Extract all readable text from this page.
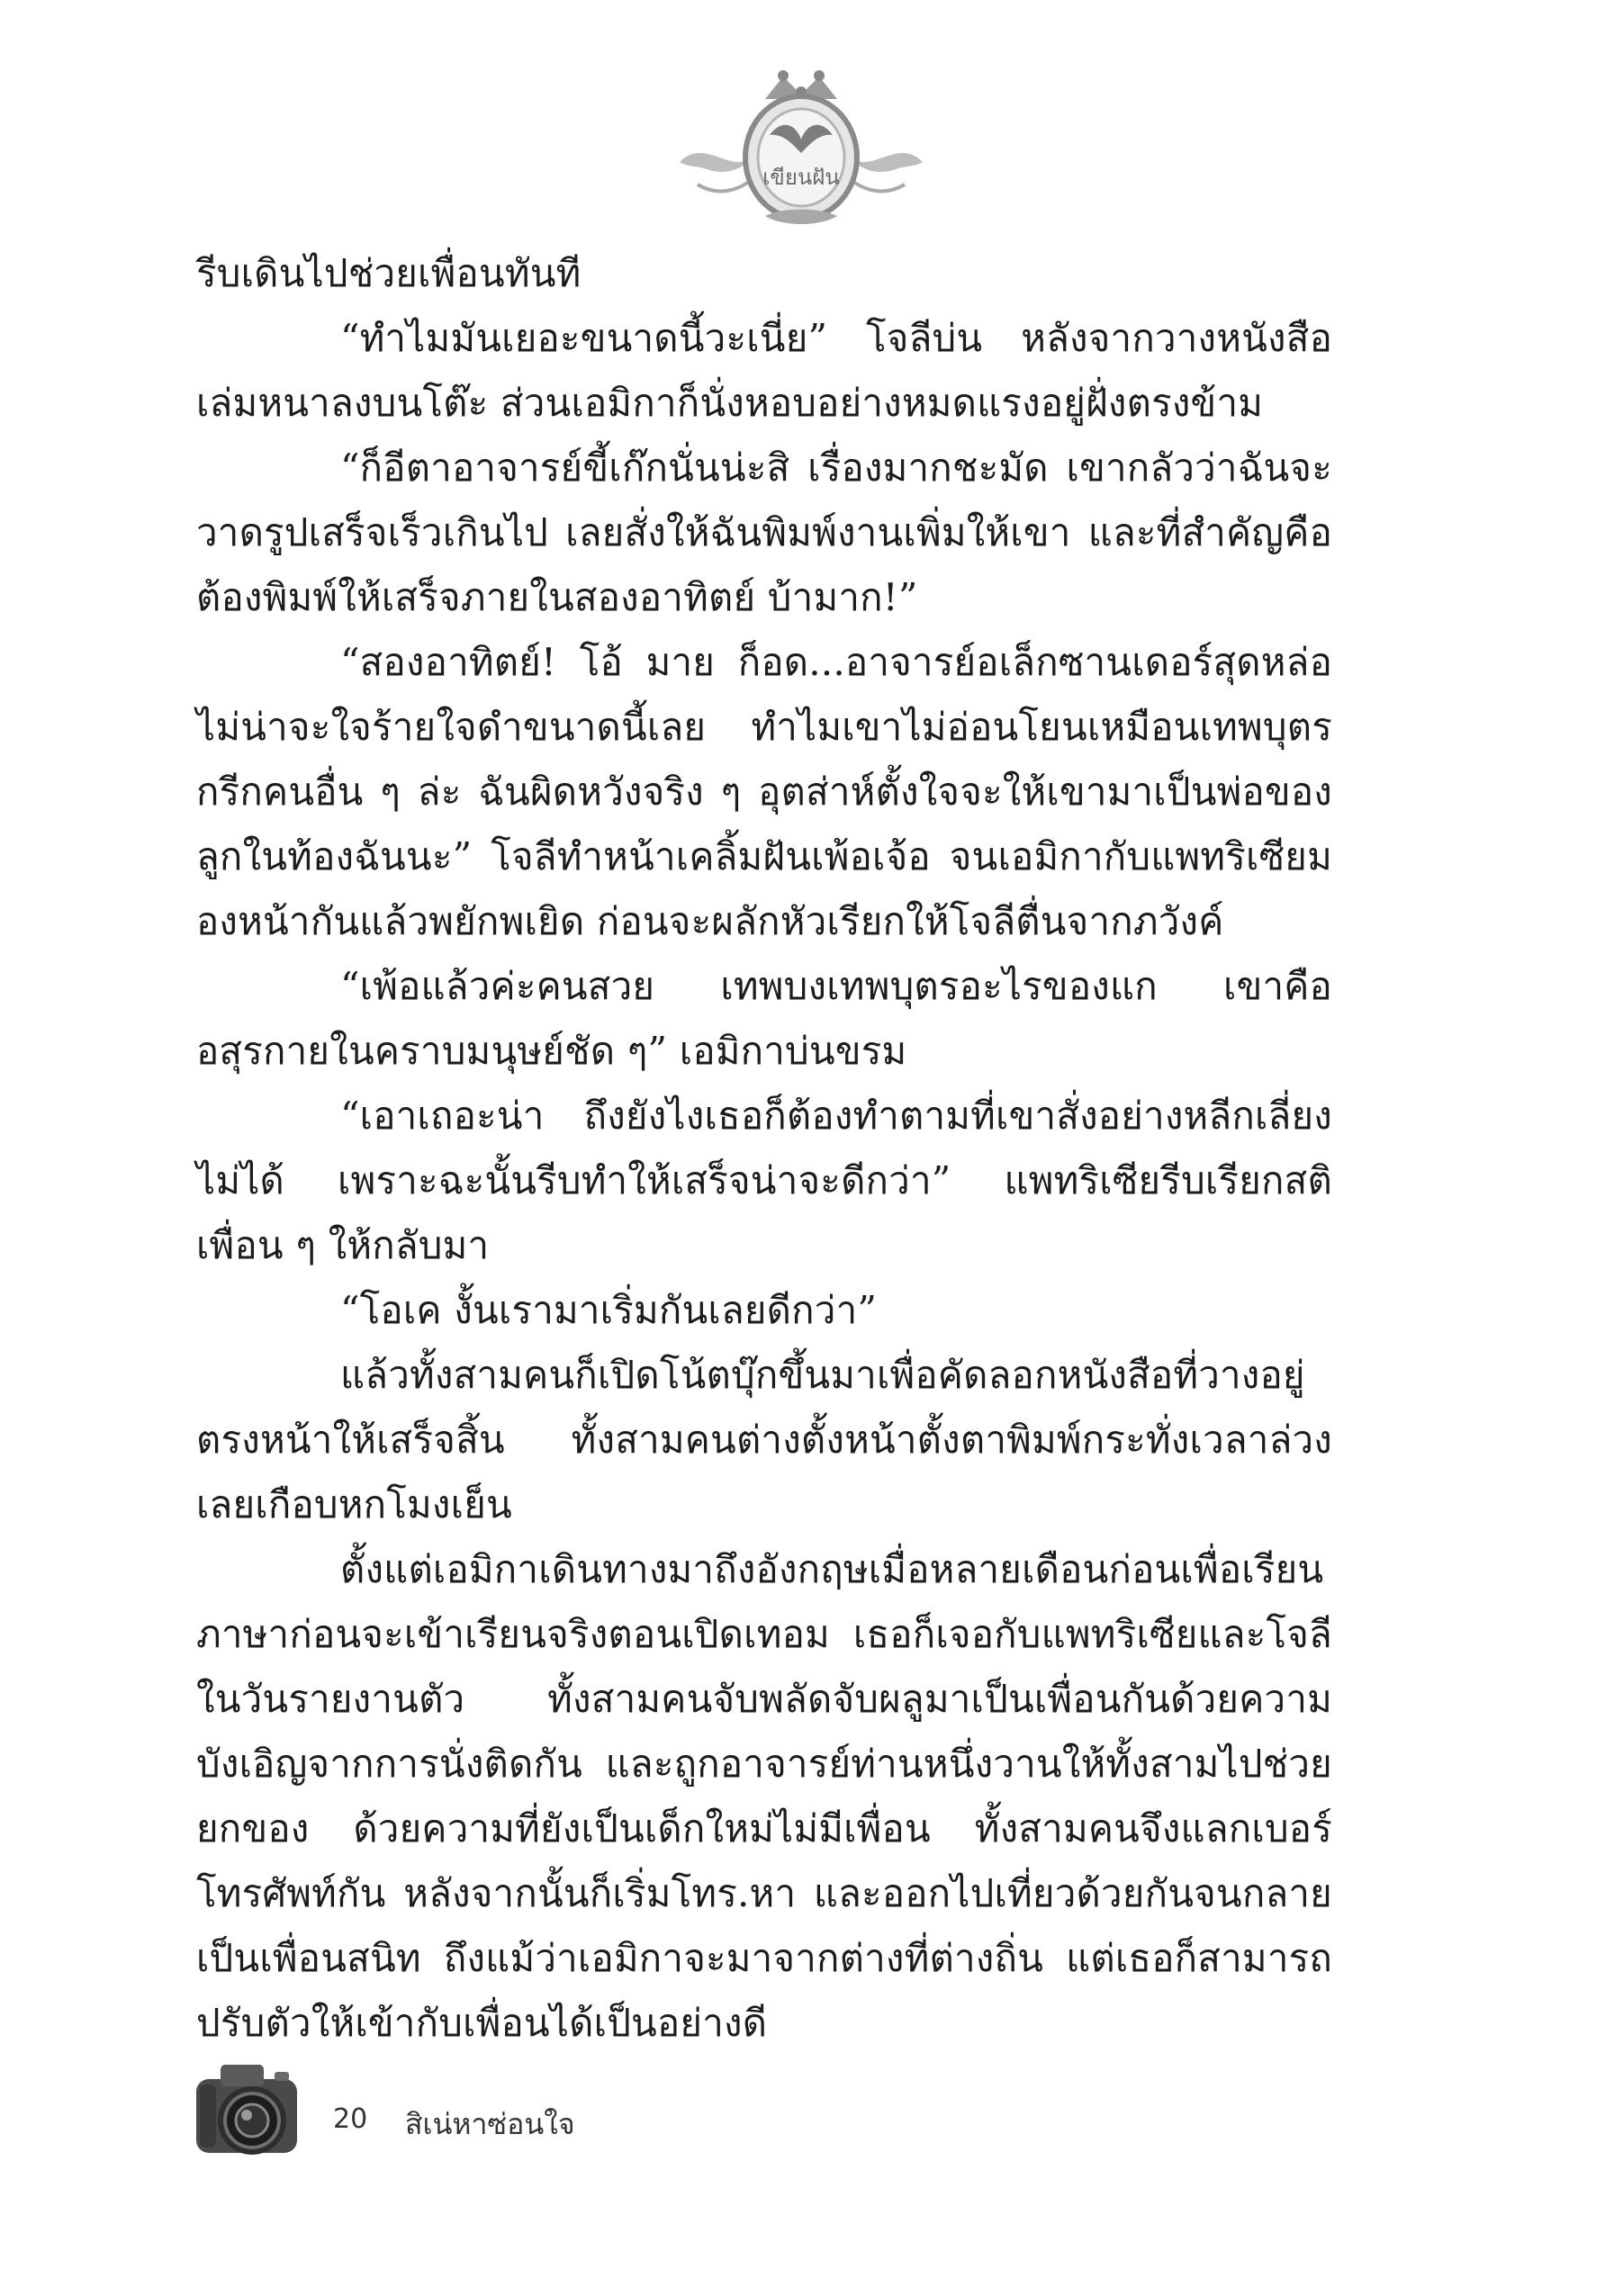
เขียนฝัน

รีบเดินไปช่วยเพื่อนทันที

“ทำไมมันเยอะขนาดนี้วะเนี่ย” โจลีบ่น หลังจากวางหนังสือเล่มหนาลงบนโต๊ะ ส่วนเอมิกาก็นั่งหอบอย่างหมดแรงอยู่ฝั่งตรงข้าม

“ก็อีตาอาจารย์ขี้เก๊กนั่นน่ะสิ เรื่องมากชะมัด เขากลัวว่าฉันจะวาดรูปเสร็จเร็วเกินไป เลยสั่งให้ฉันพิมพ์งานเพิ่มให้เขา และที่สำคัญคือต้องพิมพ์ให้เสร็จภายในสองอาทิตย์ บ้ามาก!”

“สองอาทิตย์! โอ้ มาย ก็อด...อาจารย์อเล็กซานเดอร์สุดหล่อไม่น่าจะใจร้ายใจดำขนาดนี้เลย ทำไมเขาไม่อ่อนโยนเหมือนเทพบุตรกรีกคนอื่น ๆ ล่ะ ฉันผิดหวังจริง ๆ อุตส่าห์ตั้งใจจะให้เขามาเป็นพ่อของลูกในท้องฉันนะ” โจลีทำหน้าเคลิ้มฝันเพ้อเจ้อ จนเอมิกากับแพทริเซียมองหน้ากันแล้วพยักพเยิด ก่อนจะผลักหัวเรียกให้โจลีตื่นจากภวังค์

“เพ้อแล้วค่ะคนสวย เทพบงเทพบุตรอะไรของแก เขาคืออสุรกายในคราบมนุษย์ชัด ๆ” เอมิกาบ่นขรม

“เอาเถอะน่า ถึงยังไงเธอก็ต้องทำตามที่เขาสั่งอย่างหลีกเลี่ยงไม่ได้ เพราะฉะนั้นรีบทำให้เสร็จน่าจะดีกว่า” แพทริเซียรีบเรียกสติเพื่อน ๆ ให้กลับมา

“โอเค งั้นเรามาเริ่มกันเลยดีกว่า”

แล้วทั้งสามคนก็เปิดโน้ตบุ๊กขึ้นมาเพื่อคัดลอกหนังสือที่วางอยู่ตรงหน้าให้เสร็จสิ้น ทั้งสามคนต่างตั้งหน้าตั้งตาพิมพ์กระทั่งเวลาล่วงเลยเกือบหกโมงเย็น

ตั้งแต่เอมิกาเดินทางมาถึงอังกฤษเมื่อหลายเดือนก่อนเพื่อเรียนภาษาก่อนจะเข้าเรียนจริงตอนเปิดเทอม เธอก็เจอกับแพทริเซียและโจลีในวันรายงานตัว ทั้งสามคนจับพลัดจับผลูมาเป็นเพื่อนกันด้วยความบังเอิญจากการนั่งติดกัน และถูกอาจารย์ท่านหนึ่งวานให้ทั้งสามไปช่วยยกของ ด้วยความที่ยังเป็นเด็กใหม่ไม่มีเพื่อน ทั้งสามคนจึงแลกเบอร์โทรศัพท์กัน หลังจากนั้นก็เริ่มโทร.หา และออกไปเที่ยวด้วยกันจนกลายเป็นเพื่อนสนิท ถึงแม้ว่าเอมิกาจะมาจากต่างที่ต่างถิ่น แต่เธอก็สามารถปรับตัวให้เข้ากับเพื่อนได้เป็นอย่างดี

20 สิเน่หาซ่อนใจ
